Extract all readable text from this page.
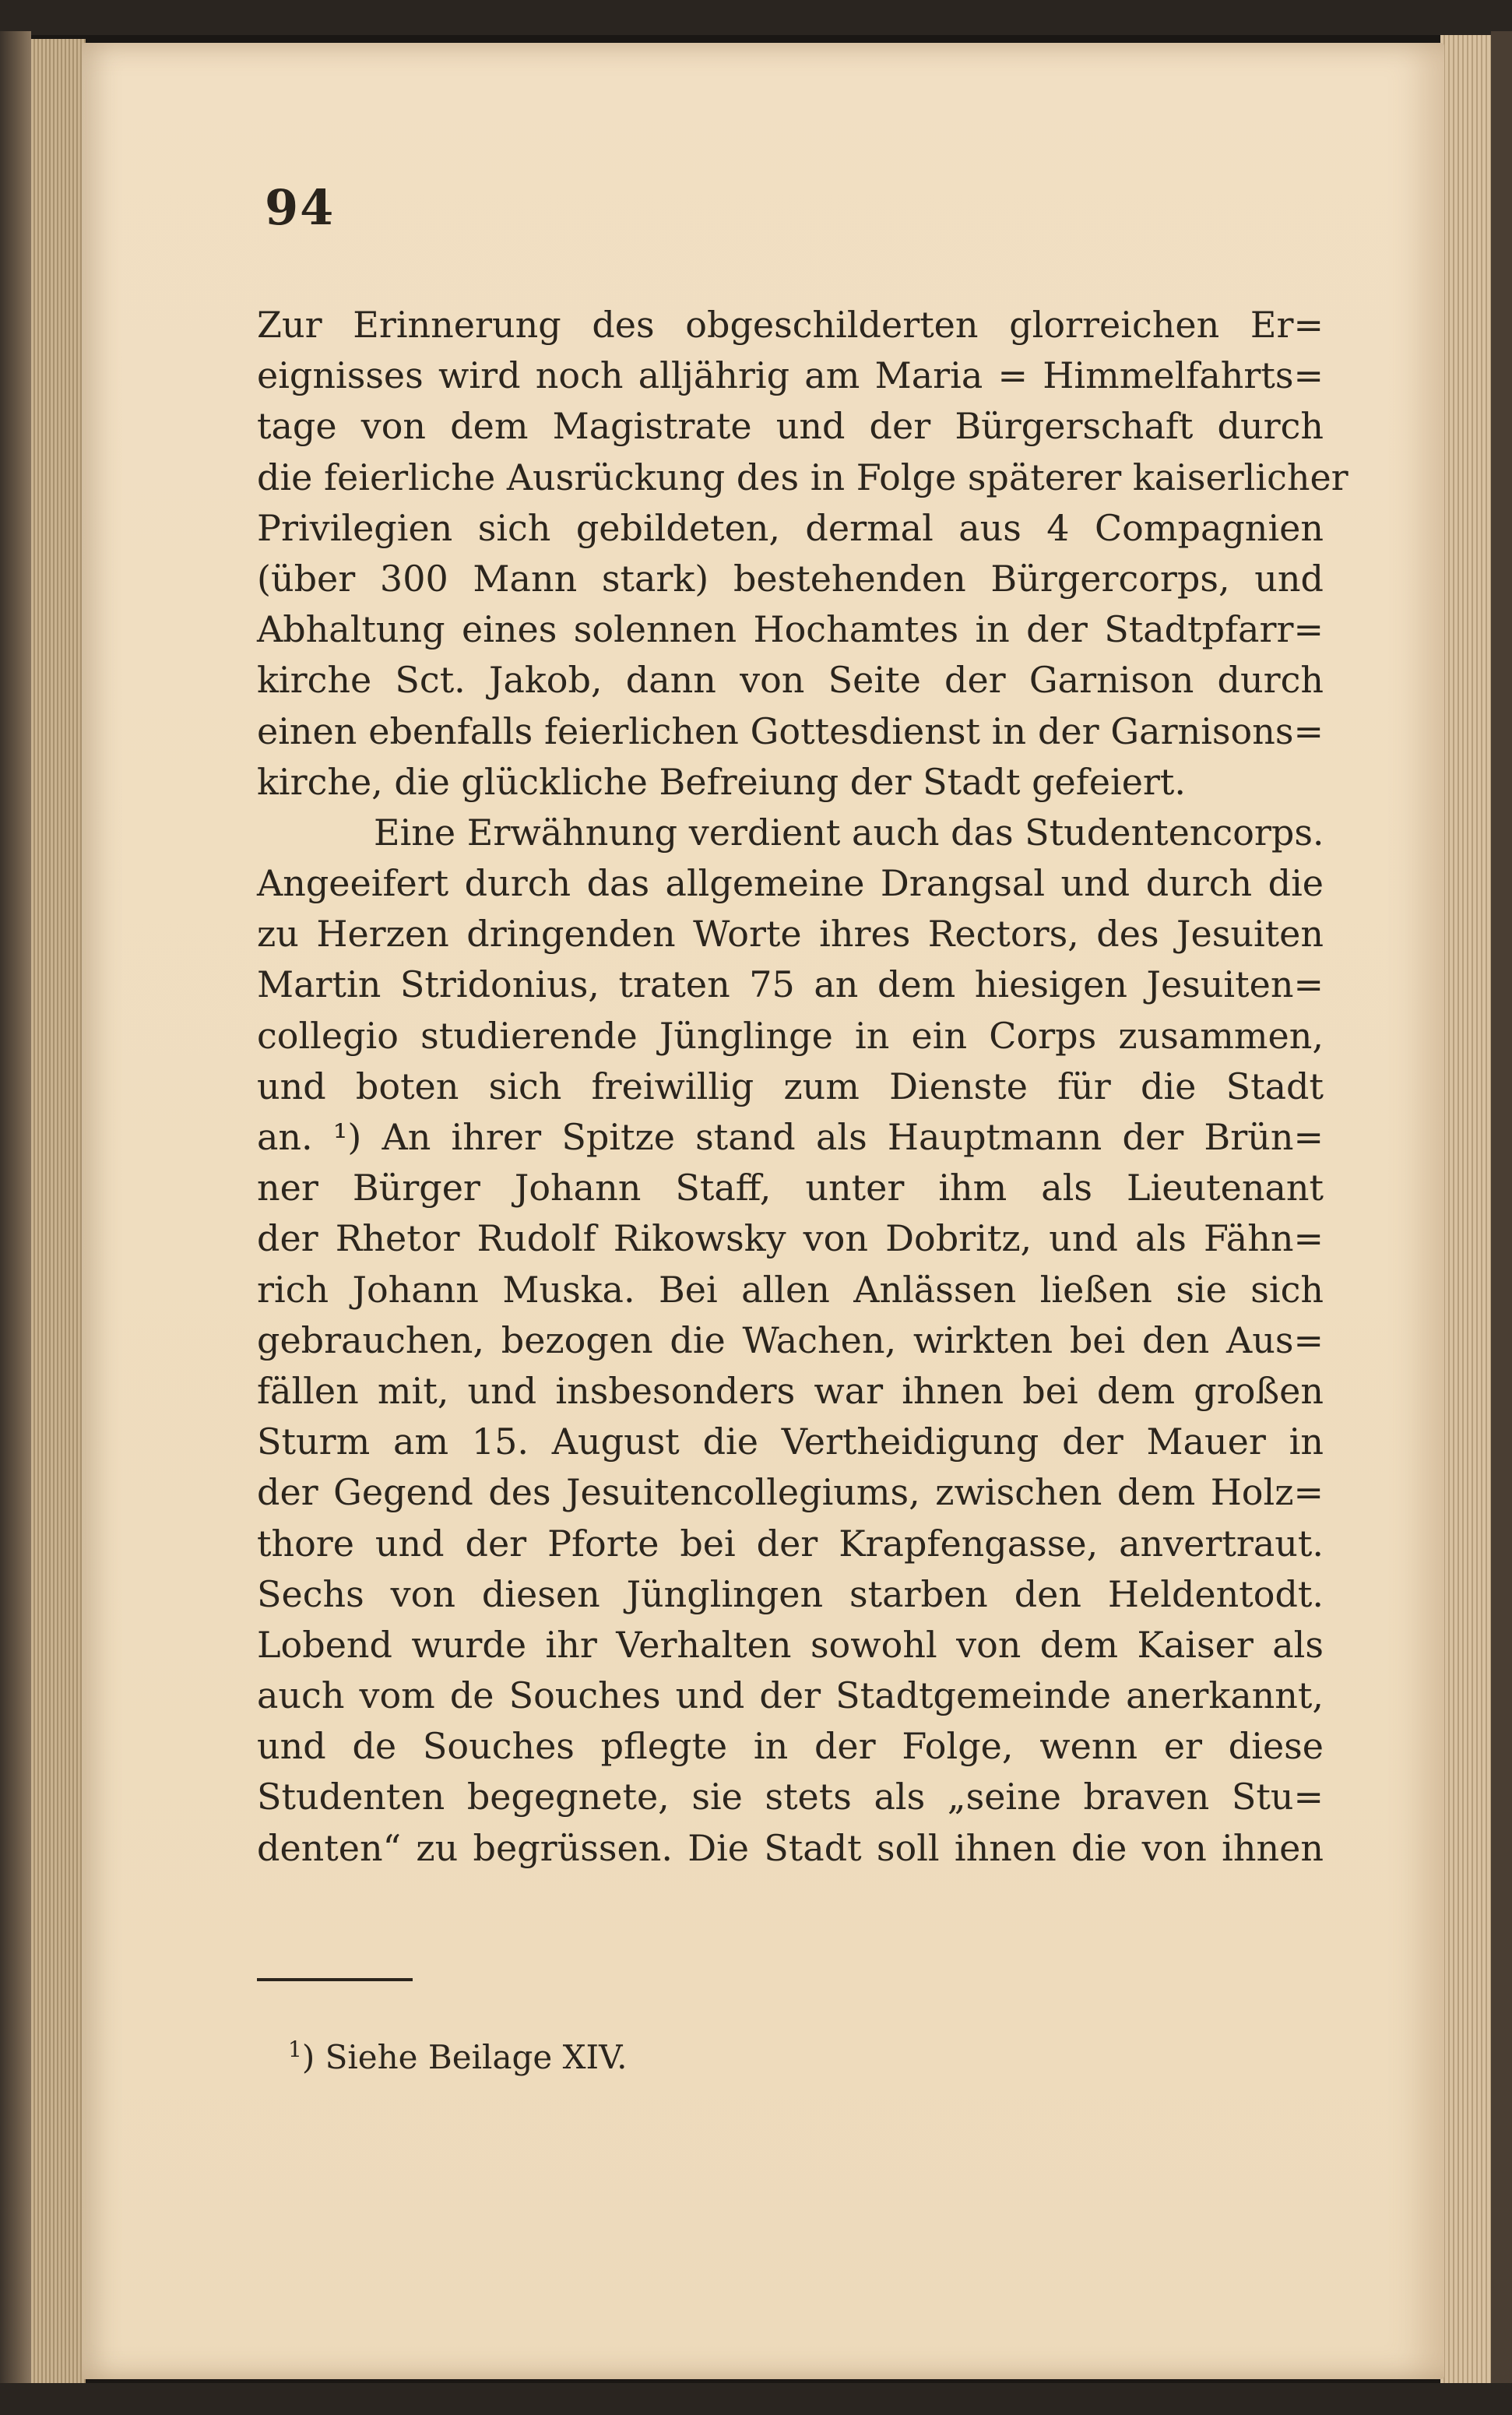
94
Zur Erinnerung des obgeschilderten glorreichen Er=
eignisses wird noch alljährig am Maria = Himmelfahrts=
tage von dem Magistrate und der Bürgerschaft durch
die feierliche Ausrückung des in Folge späterer kaiserlicher
Privilegien sich gebildeten, dermal aus 4 Compagnien
(über 300 Mann stark) bestehenden Bürgercorps, und
Abhaltung eines solennen Hochamtes in der Stadtpfarr=
kirche Sct. Jakob, dann von Seite der Garnison durch
einen ebenfalls feierlichen Gottesdienst in der Garnisons=
kirche, die glückliche Befreiung der Stadt gefeiert.
Eine Erwähnung verdient auch das Studentencorps.
Angeeifert durch das allgemeine Drangsal und durch die
zu Herzen dringenden Worte ihres Rectors, des Jesuiten
Martin Stridonius, traten 75 an dem hiesigen Jesuiten=
collegio studierende Jünglinge in ein Corps zusammen,
und boten sich freiwillig zum Dienste für die Stadt
an. ¹) An ihrer Spitze stand als Hauptmann der Brün=
ner Bürger Johann Staff, unter ihm als Lieutenant
der Rhetor Rudolf Rikowsky von Dobritz, und als Fähn=
rich Johann Muska. Bei allen Anlässen ließen sie sich
gebrauchen, bezogen die Wachen, wirkten bei den Aus=
fällen mit, und insbesonders war ihnen bei dem großen
Sturm am 15. August die Vertheidigung der Mauer in
der Gegend des Jesuitencollegiums, zwischen dem Holz=
thore und der Pforte bei der Krapfengasse, anvertraut.
Sechs von diesen Jünglingen starben den Heldentodt.
Lobend wurde ihr Verhalten sowohl von dem Kaiser als
auch vom de Souches und der Stadtgemeinde anerkannt,
und de Souches pflegte in der Folge, wenn er diese
Studenten begegnete, sie stets als „seine braven Stu=
denten“ zu begrüssen. Die Stadt soll ihnen die von ihnen
$^1$) Siehe Beilage XIV.
